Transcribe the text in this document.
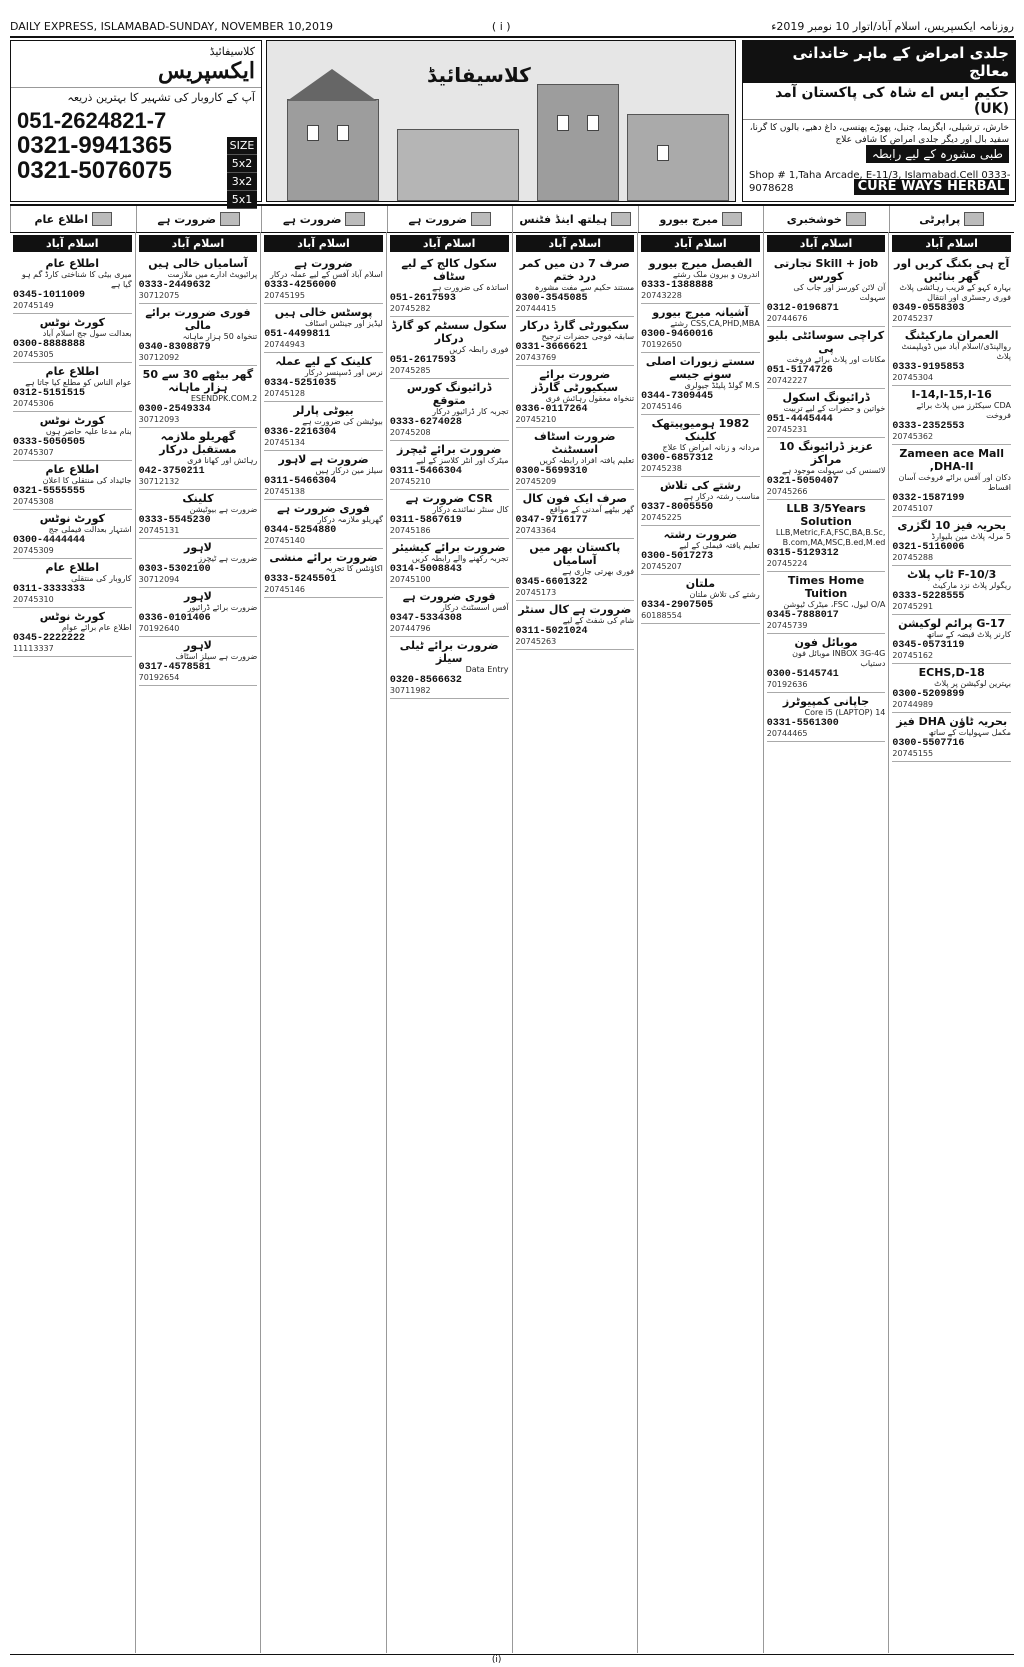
DAILY EXPRESS, ISLAMABAD-SUNDAY, NOVEMBER 10,2019	( i )	روزنامہ ایکسپریس، اسلام آباد/اتوار 10 نومبر 2019ء
کلاسیفائیڈ
ایکسپریس
آپ کے کاروبار کی تشہیر کا بہترین ذریعہ
051-2624821-7
0321-9941365
0321-5076075
SIZE
5x2
3x2
5x1
کلاسیفائیڈ
جلدی امراض کے ماہر خاندانی معالج
حکیم ایس اے شاہ کی پاکستان آمد (UK)
خارش، ترشیلی، ایگزیما، چنبل، پھوڑے پھنسی، داغ دھبے، بالوں کا گرنا، سفید بال اور دیگر جلدی امراض کا شافی علاج
طبی مشورہ کے لیے رابطہ
CURE WAYS HERBAL
Shop # 1,Taha Arcade, E-11/3, Islamabad.Cell 0333-9078628
پراپرٹی
خوشخبری
میرج بیورو
ہیلتھ اینڈ فٹنس
ضرورت ہے
ضرورت ہے
ضرورت ہے
اطلاع عام
اسلام آباد
آج ہی بکنگ کریں اور گھر بنائیں
بہارہ کہو کے قریب رہائشی پلاٹ فوری رجسٹری اور انتقال
0349-0558303
20745237
العمران مارکیٹنگ
روالپنڈی/اسلام آباد میں ڈویلپمنٹ پلاٹ
0333-9195853
20745304
I-14,I-15,I-16
CDA سیکٹرز میں پلاٹ برائے فروخت
0333-2352553
20745362
Zameen ace Mall ,DHA-II
دکان اور آفس برائے فروخت آسان اقساط
0332-1587199
20745107
بحریہ فیز 10 لگژری
5 مرلہ پلاٹ مین بلیوارڈ
0321-5116006
20745288
F-10/3 ٹاپ پلاٹ
ریگولر پلاٹ نزد مارکیٹ
0333-5228555
20745291
G-17 پرائم لوکیشن
کارنر پلاٹ قبضہ کے ساتھ
0345-0573119
20745162
ECHS,D-18
بہترین لوکیشن پر پلاٹ
0300-5209899
20744989
بحریہ ٹاؤن DHA فیز
مکمل سہولیات کے ساتھ
0300-5507716
20745155
اسلام آباد
Skill + job تجارتی کورس
آن لائن کورسز اور جاب کی سہولت
0312-0196871
20744676
کراچی سوسائٹی بلیو پی
مکانات اور پلاٹ برائے فروخت
051-5174726
20742227
ڈرائیونگ اسکول
خواتین و حضرات کے لیے تربیت
051-4445444
20745231
عزیز ڈرائیونگ 10 مراکز
لائسنس کی سہولت موجود ہے
0321-5050407
20745266
LLB 3/5Years Solution
LLB,Metric,F.A,FSC,BA,B.Sc, B.com,MA,MSC,B.ed,M.ed
0315-5129312
20745224
Times Home Tuition
O/A لیول، FSC، میٹرک ٹیوشن
0345-7888017
20745739
موبائل فون
INBOX 3G-4G موبائل فون دستیاب
0300-5145741
70192636
جاپانی کمپیوٹرز
14 (LAPTOP) Core i5
0331-5561300
20744465
اسلام آباد
الفیصل میرج بیورو
اندرون و بیرون ملک رشتے
0333-1388888
20743228
آشیانہ میرج بیورو
CSS,CA,PHD,MBA رشتے
0300-9460016
70192650
سستے زیورات اصلی سونے جیسے
M.S گولڈ پلیٹڈ جیولری
0344-7309445
20745146
1982 ہومیوپیتھک کلینک
مردانہ و زنانہ امراض کا علاج
0300-6857312
20745238
رشتے کی تلاش
مناسب رشتہ درکار ہے
0337-8005550
20745225
ضرورت رشتہ
تعلیم یافتہ فیملی کے لیے
0300-5017273
20745207
ملتان
رشتے کی تلاش ملتان
0334-2907505
60188554
اسلام آباد
صرف 7 دن میں کمر درد ختم
مستند حکیم سے مفت مشورہ
0300-3545085
20744415
سکیورٹی گارڈ درکار
سابقہ فوجی حضرات ترجیح
0331-3666621
20743769
ضرورت برائے سیکیورٹی گارڈز
تنخواہ معقول رہائش فری
0336-0117264
20745210
ضرورت اسٹاف اسسٹنٹ
تعلیم یافتہ افراد رابطہ کریں
0300-5699310
20745209
صرف ایک فون کال
گھر بیٹھے آمدنی کے مواقع
0347-9716177
20743364
پاکستان بھر میں آسامیاں
فوری بھرتی جاری ہے
0345-6601322
20745173
ضرورت ہے کال سنٹر
شام کی شفٹ کے لیے
0311-5021024
20745263
اسلام آباد
سکول کالج کے لیے سٹاف
اساتذہ کی ضرورت ہے
051-2617593
20745282
سکول سسٹم کو گارڈ درکار
فوری رابطہ کریں
051-2617593
20745285
ڈرائیونگ کورس متوقع
تجربہ کار ڈرائیور درکار
0333-6274028
20745208
ضرورت برائے ٹیچرز
میٹرک اور انٹر کلاسز کے لیے
0311-5466304
20745210
CSR ضرورت ہے
کال سنٹر نمائندے درکار
0311-5867619
20745186
ضرورت برائے کیشیئر
تجربہ رکھنے والے رابطہ کریں
0314-5008843
20745100
فوری ضرورت ہے
آفس اسسٹنٹ درکار
0347-5334308
20744796
ضرورت برائے ٹیلی سیلز
Data Entry
0320-8566632
30711982
اسلام آباد
ضرورت ہے
اسلام آباد آفس کے لیے عملہ درکار
0333-4256000
20745195
پوسٹس خالی ہیں
لیڈیز اور جینٹس اسٹاف
051-4499811
20744943
کلینک کے لیے عملہ
نرس اور ڈسپنسر درکار
0334-5251035
20745128
بیوٹی پارلر
بیوٹیشن کی ضرورت ہے
0336-2216304
20745134
ضرورت ہے لاہور
سیلز مین درکار ہیں
0311-5466304
20745138
فوری ضرورت ہے
گھریلو ملازمہ درکار
0344-5254880
20745140
ضرورت برائے منشی
اکاؤنٹس کا تجربہ
0333-5245501
20745146
اسلام آباد
آسامیاں خالی ہیں
پرائیویٹ ادارے میں ملازمت
0333-2449632
30712075
فوری ضرورت برائے مالی
تنخواہ 50 ہزار ماہانہ
0340-8308879
30712092
گھر بیٹھے 30 سے 50 ہزار ماہانہ
2.ESENDPK.COM
0300-2549334
30712093
گھریلو ملازمہ مستقبل درکار
رہائش اور کھانا فری
042-3750211
30712132
کلینک
ضرورت ہے بیوٹیشن
0333-5545230
20745131
لاہور
ضرورت ہے ٹیچرز
0303-5302100
30712094
لاہور
ضرورت برائے ڈرائیور
0336-0101406
70192640
لاہور
ضرورت ہے سیلز اسٹاف
0317-4578581
70192654
اسلام آباد
اطلاع عام
میری بیٹی کا شناختی کارڈ گم ہو گیا ہے
0345-1011009
20745149
کورٹ نوٹس
بعدالت سول جج اسلام آباد
0300-8888888
20745305
اطلاع عام
عوام الناس کو مطلع کیا جاتا ہے
0312-5151515
20745306
کورٹ نوٹس
بنام مدعا علیہ حاضر ہوں
0333-5050505
20745307
اطلاع عام
جائیداد کی منتقلی کا اعلان
0321-5555555
20745308
کورٹ نوٹس
اشتہار بعدالت فیملی جج
0300-4444444
20745309
اطلاع عام
کاروبار کی منتقلی
0311-3333333
20745310
کورٹ نوٹس
اطلاع عام برائے عوام
0345-2222222
11113337
(i)
